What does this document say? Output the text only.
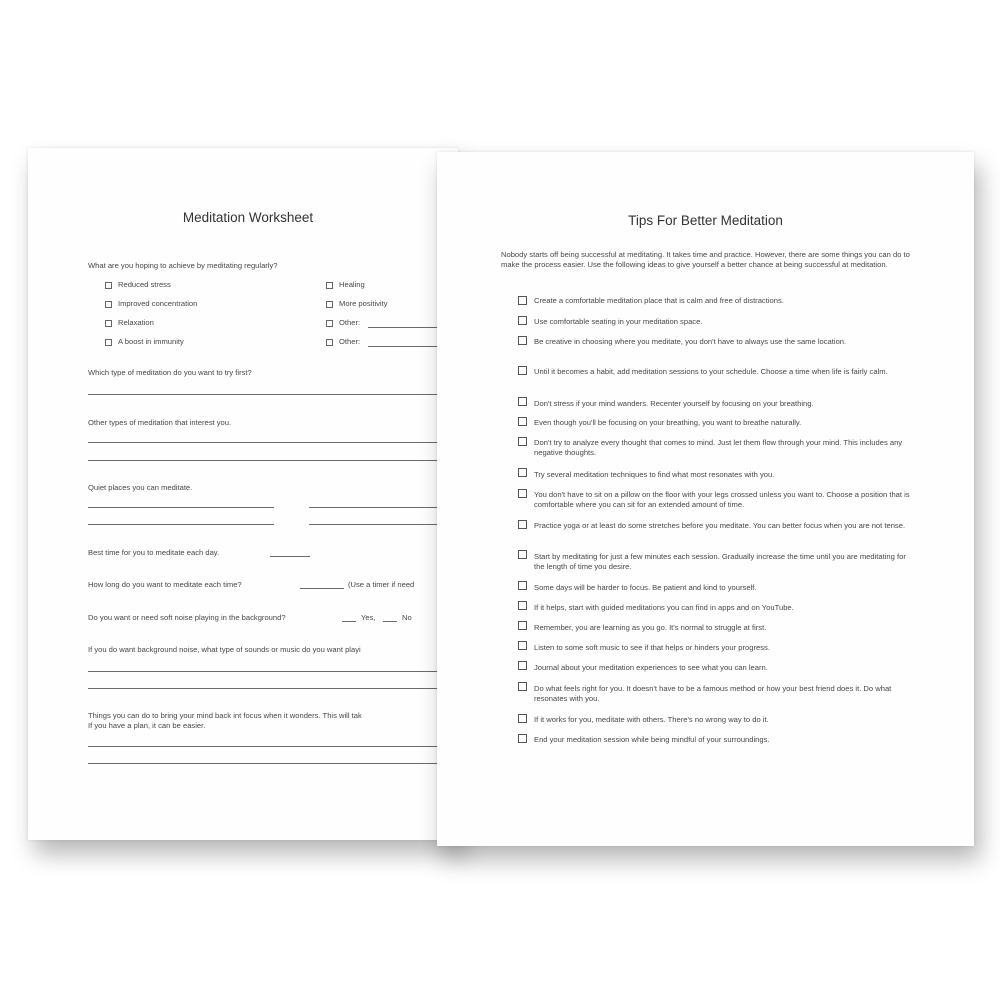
Meditation Worksheet
What are you hoping to achieve by meditating regularly?
Reduced stress
Improved concentration
Relaxation
A boost in immunity
Healing
More positivity
Other:
Other:
Which type of meditation do you want to try first?
Other types of meditation that interest you.
Quiet places you can meditate.
Best time for you to meditate each day.
How long do you want to meditate each time?	(Use a timer if need
Do you want or need soft noise playing in the background?	Yes,	No
If you do want background noise, what type of sounds or music do you want playi
Things you can do to bring your mind back int focus when it wonders. This will tak
If you have a plan, it can be easier.
Tips For Better Meditation
Nobody starts off being successful at meditating. It takes time and practice. However, there are some things you can do to make the process easier. Use the following ideas to give yourself a better chance at being successful at meditation.
Create a comfortable meditation place that is calm and free of distractions.
Use comfortable seating in your meditation space.
Be creative in choosing where you meditate, you don't have to always use the same location.
Until it becomes a habit, add meditation sessions to your schedule. Choose a time when life is fairly calm.
Don't stress if your mind wanders. Recenter yourself by focusing on your breathing.
Even though you'll be focusing on your breathing, you want to breathe naturally.
Don't try to analyze every thought that comes to mind. Just let them flow through your mind. This includes any negative thoughts.
Try several meditation techniques to find what most resonates with you.
You don't have to sit on a pillow on the floor with your legs crossed unless you want to. Choose a position that is comfortable where you can sit for an extended amount of time.
Practice yoga or at least do some stretches before you meditate. You can better focus when you are not tense.
Start by meditating for just a few minutes each session. Gradually increase the time until you are meditating for the length of time you desire.
Some days will be harder to focus. Be patient and kind to yourself.
If it helps, start with guided meditations you can find in apps and on YouTube.
Remember, you are learning as you go. It's normal to struggle at first.
Listen to some soft music to see if that helps or hinders your progress.
Journal about your meditation experiences to see what you can learn.
Do what feels right for you. It doesn't have to be a famous method or how your best friend does it. Do what resonates with you.
If it works for you, meditate with others. There's no wrong way to do it.
End your meditation session while being mindful of your surroundings.
